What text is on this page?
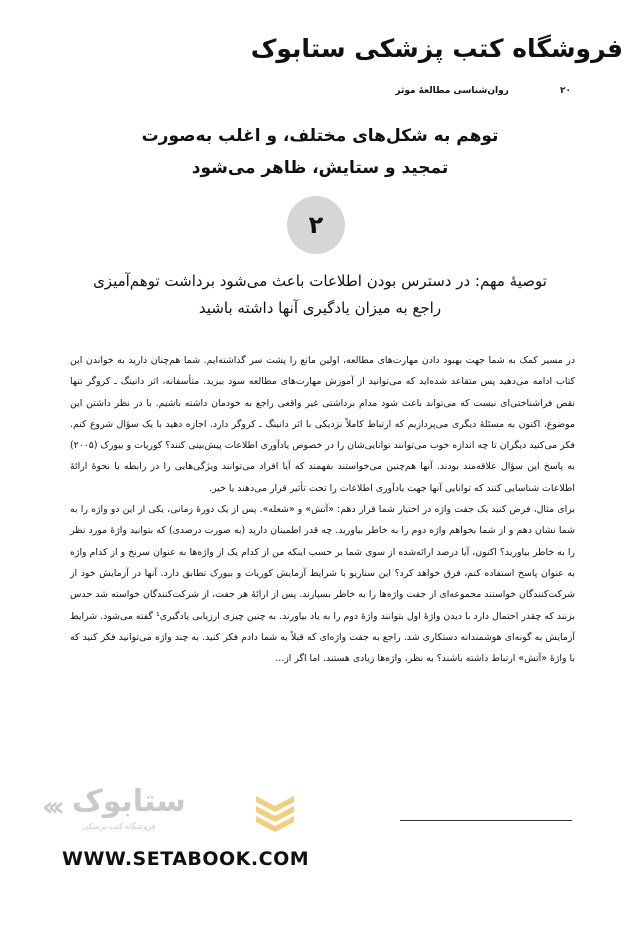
فروشگاه کتب پزشکی ستابوک
۲۰ روان‌شناسی مطالعهٔ موثر
توهم به شکل‌های مختلف، و اغلب به‌صورت
تمجید و ستایش، ظاهر می‌شود
۲
توصیهٔ مهم: در دسترس بودن اطلاعات باعث می‌شود برداشت توهم‌آمیزی
راجع به میزان یادگیری آنها داشته باشید

در مسیر کمک به شما جهت بهبود دادن مهارت‌های مطالعه، اولین مانع را پشت سر گذاشته‌ایم. شما هم‌چنان دارید به خواندن این کتاب ادامه می‌دهید پس متقاعد شده‌اید که می‌توانید از آموزش مهارت‌های مطالعه سود ببرید. متأسفانه، اثر دانینگ ـ کروگر تنها نقص فراشناختی‌ای نیست که می‌تواند باعث شود مدام برداشتی غیر واقعی راجع به خودمان داشته باشیم. با در نظر داشتن این موضوع، اکنون به مسئلهٔ دیگری می‌پردازیم که ارتباط کاملاً نزدیکی با اثر دانینگ ـ کروگر دارد. اجازه دهید با یک سؤال شروع کنم. فکر می‌کنید دیگران تا چه اندازه خوب می‌توانند توانایی‌شان را در خصوص یادآوری اطلاعات پیش‌بینی کنند؟ کوریات و بیورک (۲۰۰۵) به پاسخ این سؤال علاقه‌مند بودند. آنها هم‌چنین می‌خواستند بفهمند که آیا افراد می‌توانند ویژگی‌هایی را در رابطه با نحوهٔ ارائهٔ اطلاعات شناسایی کنند که توانایی آنها جهت یادآوری اطلاعات را تحت تأثیر قرار می‌دهند یا خیر.

برای مثال، فرض کنید یک جفت واژه در اختیار شما قرار دهم: «آتش» و «شعله». پس از یک دورهٔ زمانی، یکی از این دو واژه را به شما نشان دهم و از شما بخواهم واژه دوم را به خاطر بیاورید. چه قدر اطمینان دارید (به صورت درصدی) که بتوانید واژهٔ مورد نظر را به خاطر بیاورید؟ اکنون، آیا درصد ارائه‌شده از سوی شما بر حسب اینکه من از کدام یک از واژه‌ها به عنوان سرنخ و از کدام واژه به عنوان پاسخ استفاده کنم، فرق خواهد کرد؟ این سناریو با شرایط آزمایش کوریات و بیورک تطابق دارد. آنها در آزمایش خود از شرکت‌کنندگان خواستند مجموعه‌ای از جفت واژه‌ها را به خاطر بسپارند. پس از ارائهٔ هر جفت، از شرکت‌کنندگان خواسته شد حدس بزنند که چقدر احتمال دارد با دیدن واژهٔ اول بتوانند واژهٔ دوم را به یاد بیاورند. به چنین چیزی ارزیابی یادگیری¹ گفته می‌شود. شرایط آزمایش به گونه‌ای هوشمندانه دستکاری شد. راجع به جفت واژه‌ای که قبلاً به شما دادم فکر کنید. به چند واژه می‌توانید فکر کنید که با واژهٔ «آتش» ارتباط داشته باشند؟ به نظر، واژه‌ها زیادی هستند. اما اگر از...

‹‹‹ ستابوک
فروشگاه کتب پزشکی
WWW.SETABOOK.COM
